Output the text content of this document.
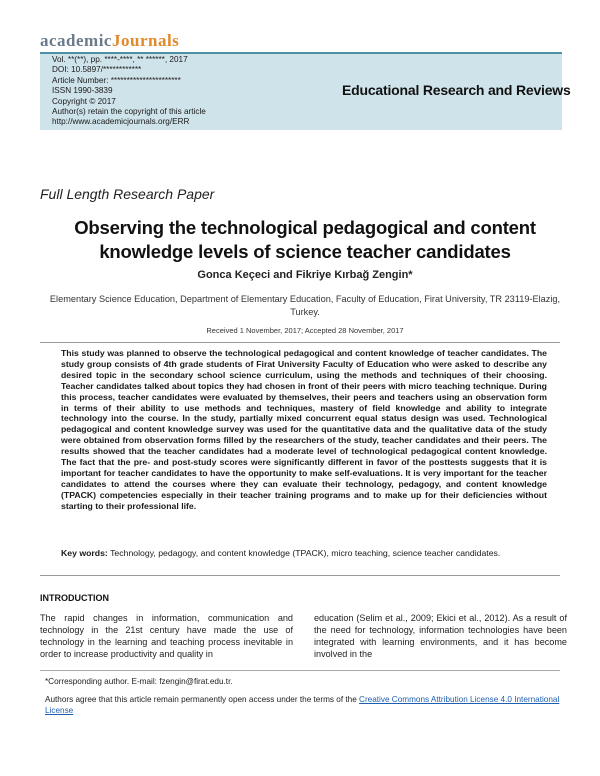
academicJournals
Vol. **(**), pp. ****-****, ** ******, 2017
DOI: 10.5897/************
Article Number: **********************
ISSN 1990-3839
Copyright © 2017
Author(s) retain the copyright of this article
http://www.academicjournals.org/ERR
Educational Research and Reviews
Full Length Research Paper
Observing the technological pedagogical and content knowledge levels of science teacher candidates
Gonca Keçeci and Fikriye Kırbağ Zengin*
Elementary Science Education, Department of Elementary Education, Faculty of Education, Firat University, TR 23119-Elazig, Turkey.
Received 1 November, 2017; Accepted 28 November, 2017
This study was planned to observe the technological pedagogical and content knowledge of teacher candidates. The study group consists of 4th grade students of Firat University Faculty of Education who were asked to describe any desired topic in the secondary school science curriculum, using the methods and techniques of their choosing. Teacher candidates talked about topics they had chosen in front of their peers with micro teaching technique. During this process, teacher candidates were evaluated by themselves, their peers and teachers using an observation form in terms of their ability to use methods and techniques, mastery of field knowledge and ability to integrate technology into the course. In the study, partially mixed concurrent equal status design was used. Technological pedagogical and content knowledge survey was used for the quantitative data and the qualitative data of the study were obtained from observation forms filled by the researchers of the study, teacher candidates and their peers. The results showed that the teacher candidates had a moderate level of technological pedagogical content knowledge. The fact that the pre- and post-study scores were significantly different in favor of the posttests suggests that it is important for teacher candidates to have the opportunity to make self-evaluations. It is very important for the teacher candidates to attend the courses where they can evaluate their technology, pedagogy, and content knowledge (TPACK) competencies especially in their teacher training programs and to make up for their deficiencies without starting to their professional life.
Key words: Technology, pedagogy, and content knowledge (TPACK), micro teaching, science teacher candidates.
INTRODUCTION
The rapid changes in information, communication and technology in the 21st century have made the use of technology in the learning and teaching process inevitable in order to increase productivity and quality in
education (Selim et al., 2009; Ekici et al., 2012). As a result of the need for technology, information technologies have been integrated with learning environments, and it has become involved in the
*Corresponding author. E-mail: fzengin@firat.edu.tr.
Authors agree that this article remain permanently open access under the terms of the Creative Commons Attribution License 4.0 International License
